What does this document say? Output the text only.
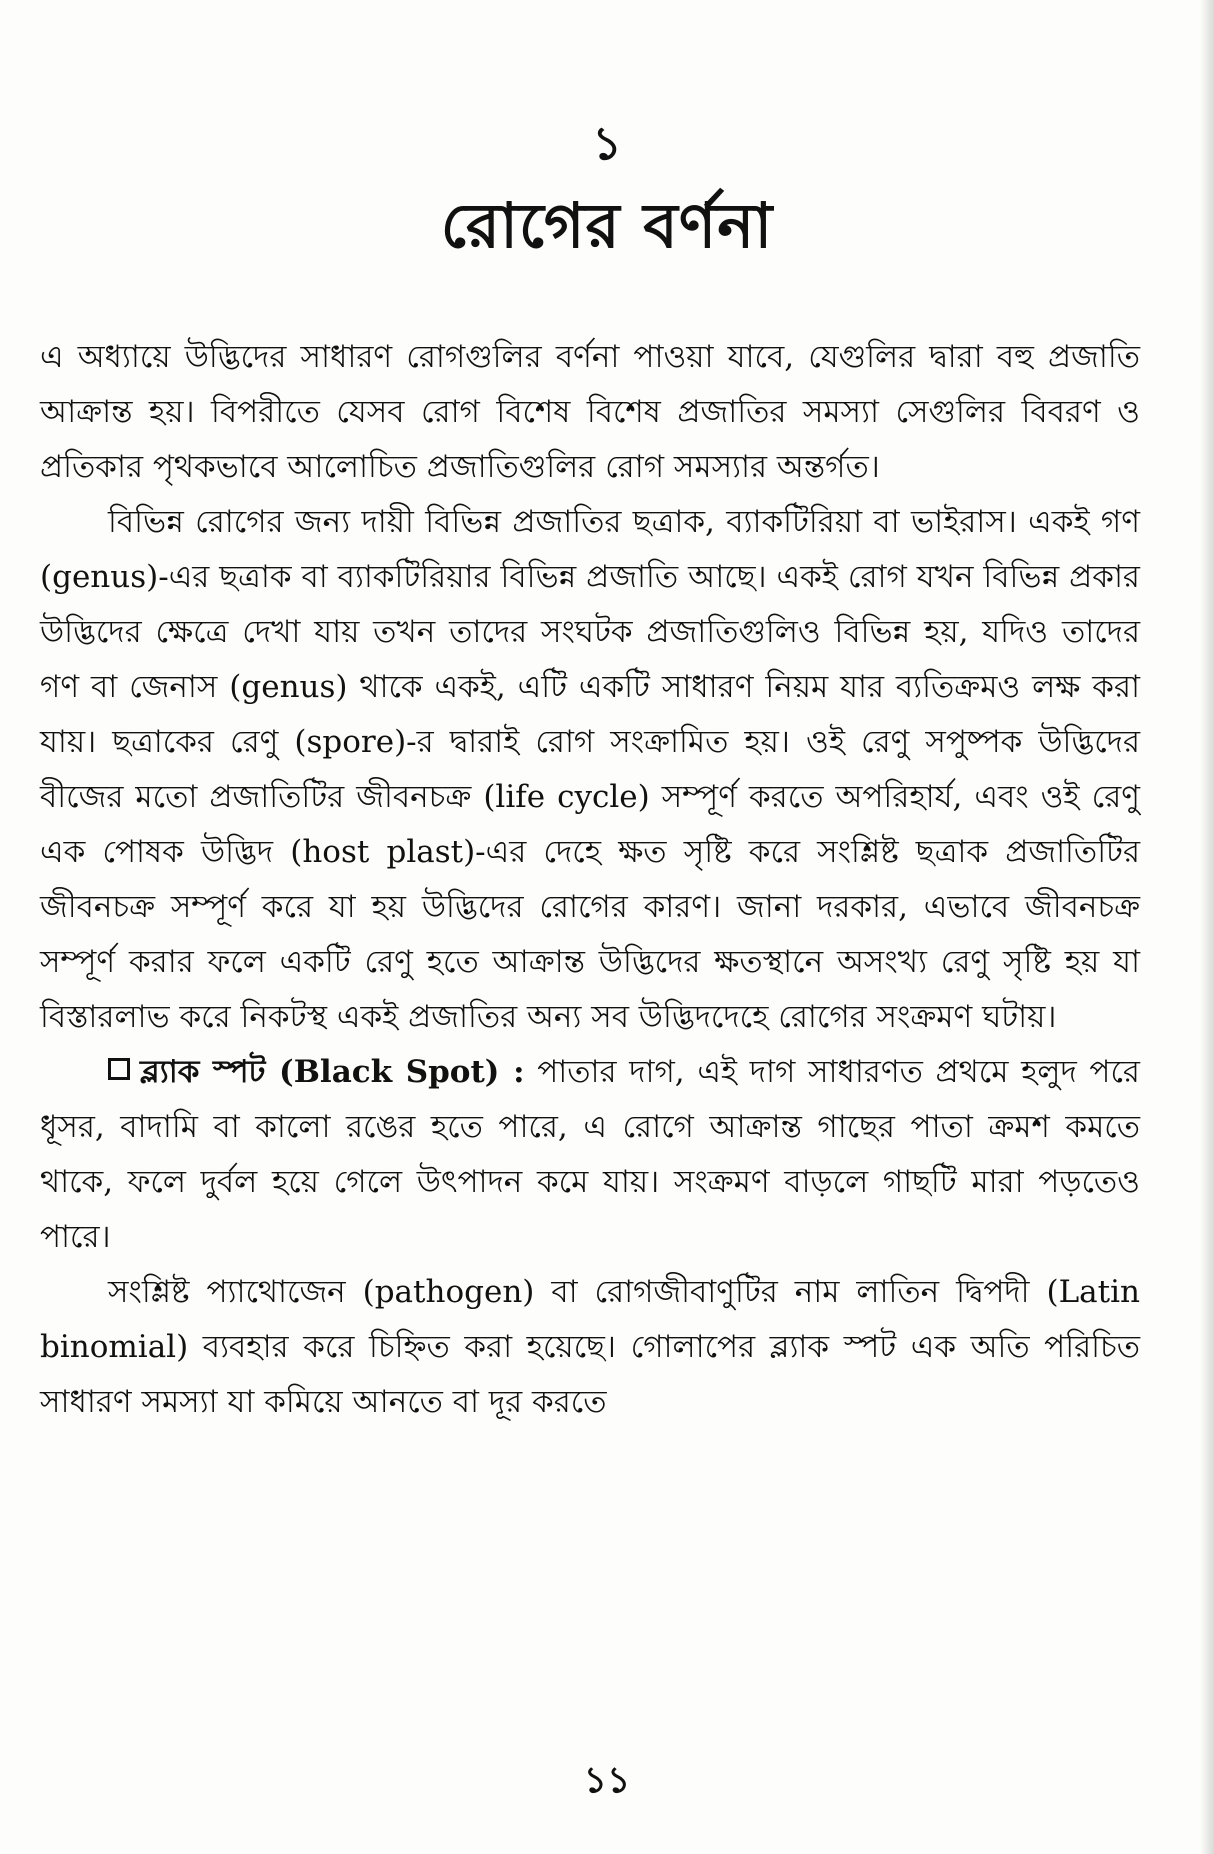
১
রোগের বর্ণনা

এ অধ্যায়ে উদ্ভিদের সাধারণ রোগগুলির বর্ণনা পাওয়া যাবে, যেগুলির দ্বারা বহু প্রজাতি আক্রান্ত হয়। বিপরীতে যেসব রোগ বিশেষ বিশেষ প্রজাতির সমস্যা সেগুলির বিবরণ ও প্রতিকার পৃথকভাবে আলোচিত প্রজাতিগুলির রোগ সমস্যার অন্তর্গত।

বিভিন্ন রোগের জন্য দায়ী বিভিন্ন প্রজাতির ছত্রাক, ব্যাকটিরিয়া বা ভাইরাস। একই গণ (genus)-এর ছত্রাক বা ব্যাকটিরিয়ার বিভিন্ন প্রজাতি আছে। একই রোগ যখন বিভিন্ন প্রকার উদ্ভিদের ক্ষেত্রে দেখা যায় তখন তাদের সংঘটক প্রজাতিগুলিও বিভিন্ন হয়, যদিও তাদের গণ বা জেনাস (genus) থাকে একই, এটি একটি সাধারণ নিয়ম যার ব্যতিক্রমও লক্ষ করা যায়। ছত্রাকের রেণু (spore)-র দ্বারাই রোগ সংক্রামিত হয়। ওই রেণু সপুষ্পক উদ্ভিদের বীজের মতো প্রজাতিটির জীবনচক্র (life cycle) সম্পূর্ণ করতে অপরিহার্য, এবং ওই রেণু এক পোষক উদ্ভিদ (host plast)-এর দেহে ক্ষত সৃষ্টি করে সংশ্লিষ্ট ছত্রাক প্রজাতিটির জীবনচক্র সম্পূর্ণ করে যা হয় উদ্ভিদের রোগের কারণ। জানা দরকার, এভাবে জীবনচক্র সম্পূর্ণ করার ফলে একটি রেণু হতে আক্রান্ত উদ্ভিদের ক্ষতস্থানে অসংখ্য রেণু সৃষ্টি হয় যা বিস্তারলাভ করে নিকটস্থ একই প্রজাতির অন্য সব উদ্ভিদদেহে রোগের সংক্রমণ ঘটায়।

ব্ল্যাক স্পট (Black Spot) : পাতার দাগ, এই দাগ সাধারণত প্রথমে হলুদ পরে ধূসর, বাদামি বা কালো রঙের হতে পারে, এ রোগে আক্রান্ত গাছের পাতা ক্রমশ কমতে থাকে, ফলে দুর্বল হয়ে গেলে উৎপাদন কমে যায়। সংক্রমণ বাড়লে গাছটি মারা পড়তেও পারে।

সংশ্লিষ্ট প্যাথোজেন (pathogen) বা রোগজীবাণুটির নাম লাতিন দ্বিপদী (Latin binomial) ব্যবহার করে চিহ্নিত করা হয়েছে। গোলাপের ব্ল্যাক স্পট এক অতি পরিচিত সাধারণ সমস্যা যা কমিয়ে আনতে বা দূর করতে

১১
